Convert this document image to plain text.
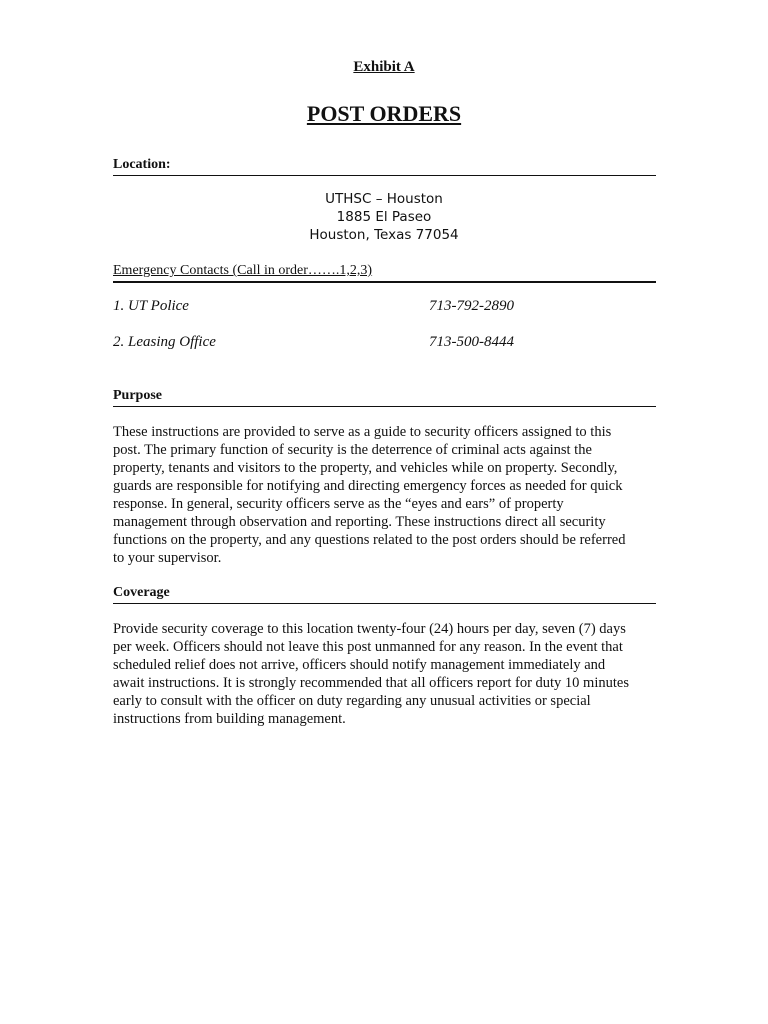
Exhibit A
POST ORDERS
Location:
UTHSC – Houston
1885 El Paseo
Houston, Texas 77054
Emergency Contacts (Call in order…….1,2,3)
1. UT Police	713-792-2890
2. Leasing Office	713-500-8444
Purpose
These instructions are provided to serve as a guide to security officers assigned to this
post. The primary function of security is the deterrence of criminal acts against the
property, tenants and visitors to the property, and vehicles while on property. Secondly,
guards are responsible for notifying and directing emergency forces as needed for quick
response. In general, security officers serve as the “eyes and ears” of property
management through observation and reporting. These instructions direct all security
functions on the property, and any questions related to the post orders should be referred
to your supervisor.
Coverage
Provide security coverage to this location twenty-four (24) hours per day, seven (7) days
per week. Officers should not leave this post unmanned for any reason. In the event that
scheduled relief does not arrive, officers should notify management immediately and
await instructions. It is strongly recommended that all officers report for duty 10 minutes
early to consult with the officer on duty regarding any unusual activities or special
instructions from building management.
